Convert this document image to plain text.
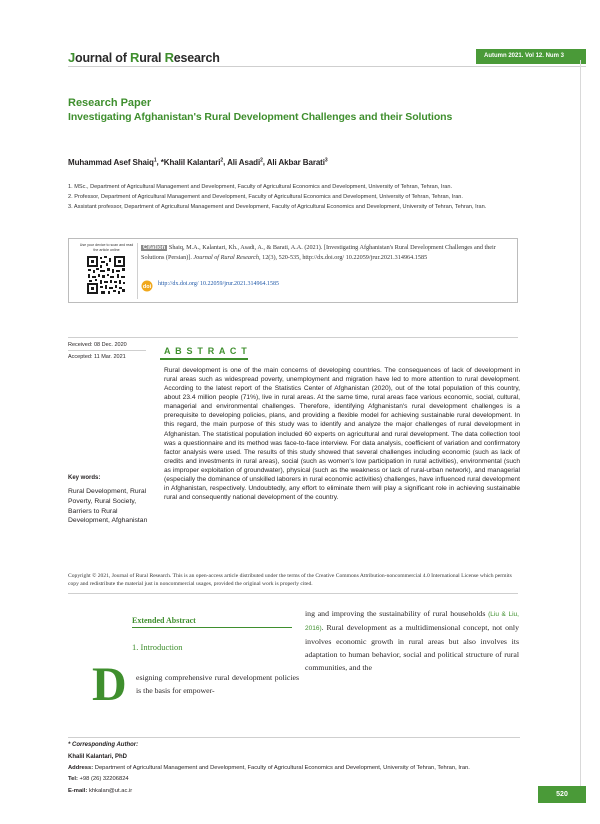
Journal of Rural Research	Autumn 2021. Vol 12. Num 3
Research Paper
Investigating Afghanistan's Rural Development Challenges and their Solutions
Muhammad Asef Shaiq$^1$, *Khalil Kalantari$^2$, Ali Asadi$^2$, Ali Akbar Barati$^3$
1. MSc., Department of Agricultural Management and Development, Faculty of Agricultural Economics and Development, University of Tehran, Tehran, Iran.
2. Professor, Department of Agricultural Management and Development, Faculty of Agricultural Economics and Development, University of Tehran, Tehran, Iran.
3. Assistant professor, Department of Agricultural Management and Development, Faculty of Agricultural Economics and Development, University of Tehran, Tehran, Iran.
Use your device to scan and read the article online	Citation Shaiq, M.A., Kalantari, Kh., Asadi, A., & Barati, A.A. (2021). [Investigating Afghanistan's Rural Development Challenges and their Solutions (Persian)]. Journal of Rural Research, 12(3), 520-535, http://dx.doi.org/ 10.22059/jrur.2021.314964.1585
doi
http://dx.doi.org/ 10.22059/jrur.2021.314964.1585
Received: 08 Dec. 2020
Accepted: 11 Mar. 2021
A B S T R A C T
Rural development is one of the main concerns of developing countries. The consequences of lack of development in rural areas such as widespread poverty, unemployment and migration have led to more attention to rural development. According to the latest report of the Statistics Center of Afghanistan (2020), out of the total population of this country, about 23.4 million people (71%), live in rural areas. At the same time, rural areas face various economic, social, cultural, managerial and environmental challenges. Therefore, identifying Afghanistan's rural development challenges is a prerequisite to developing policies, plans, and providing a flexible model for achieving sustainable rural development. In this regard, the main purpose of this study was to identify and analyze the major challenges of rural development in Afghanistan. The statistical population included 60 experts on agricultural and rural development. The data collection tool was a questionnaire and its method was face-to-face interview. For data analysis, coefficient of variation and confirmatory factor analysis were used. The results of this study showed that several challenges including economic (such as lack of credits and investments in rural areas), social (such as women's low participation in rural activities), environmental (such as improper exploitation of groundwater), physical (such as the weakness or lack of rural-urban network), and managerial (especially the dominance of unskilled laborers in rural economic activities) challenges, have influenced rural development in Afghanistan, respectively. Undoubtedly, any effort to eliminate them will play a significant role in achieving sustainable rural and consequently national development of the country.
Key words:
Rural Development, Rural Poverty, Rural Society, Barriers to Rural Development, Afghanistan
Copyright © 2021, Journal of Rural Research. This is an open-access article distributed under the terms of the Creative Commons Attribution-noncommercial 4.0 International License which permits copy and redistribute the material just in noncommercial usages, provided the original work is properly cited.
Extended Abstract
1. Introduction
D esigning comprehensive rural development policies is the basis for empower-
ing and improving the sustainability of rural households (Liu & Liu, 2016). Rural development as a multidimensional concept, not only involves economic growth in rural areas but also involves its adaptation to human behavior, social and political structure of rural communities, and the
* Corresponding Author:
Khalil Kalantari, PhD
Address: Department of Agricultural Management and Development, Faculty of Agricultural Economics and Development, University of Tehran, Tehran, Iran.
Tel: +98 (26) 32206824
E-mail: khkalan@ut.ac.ir	520
